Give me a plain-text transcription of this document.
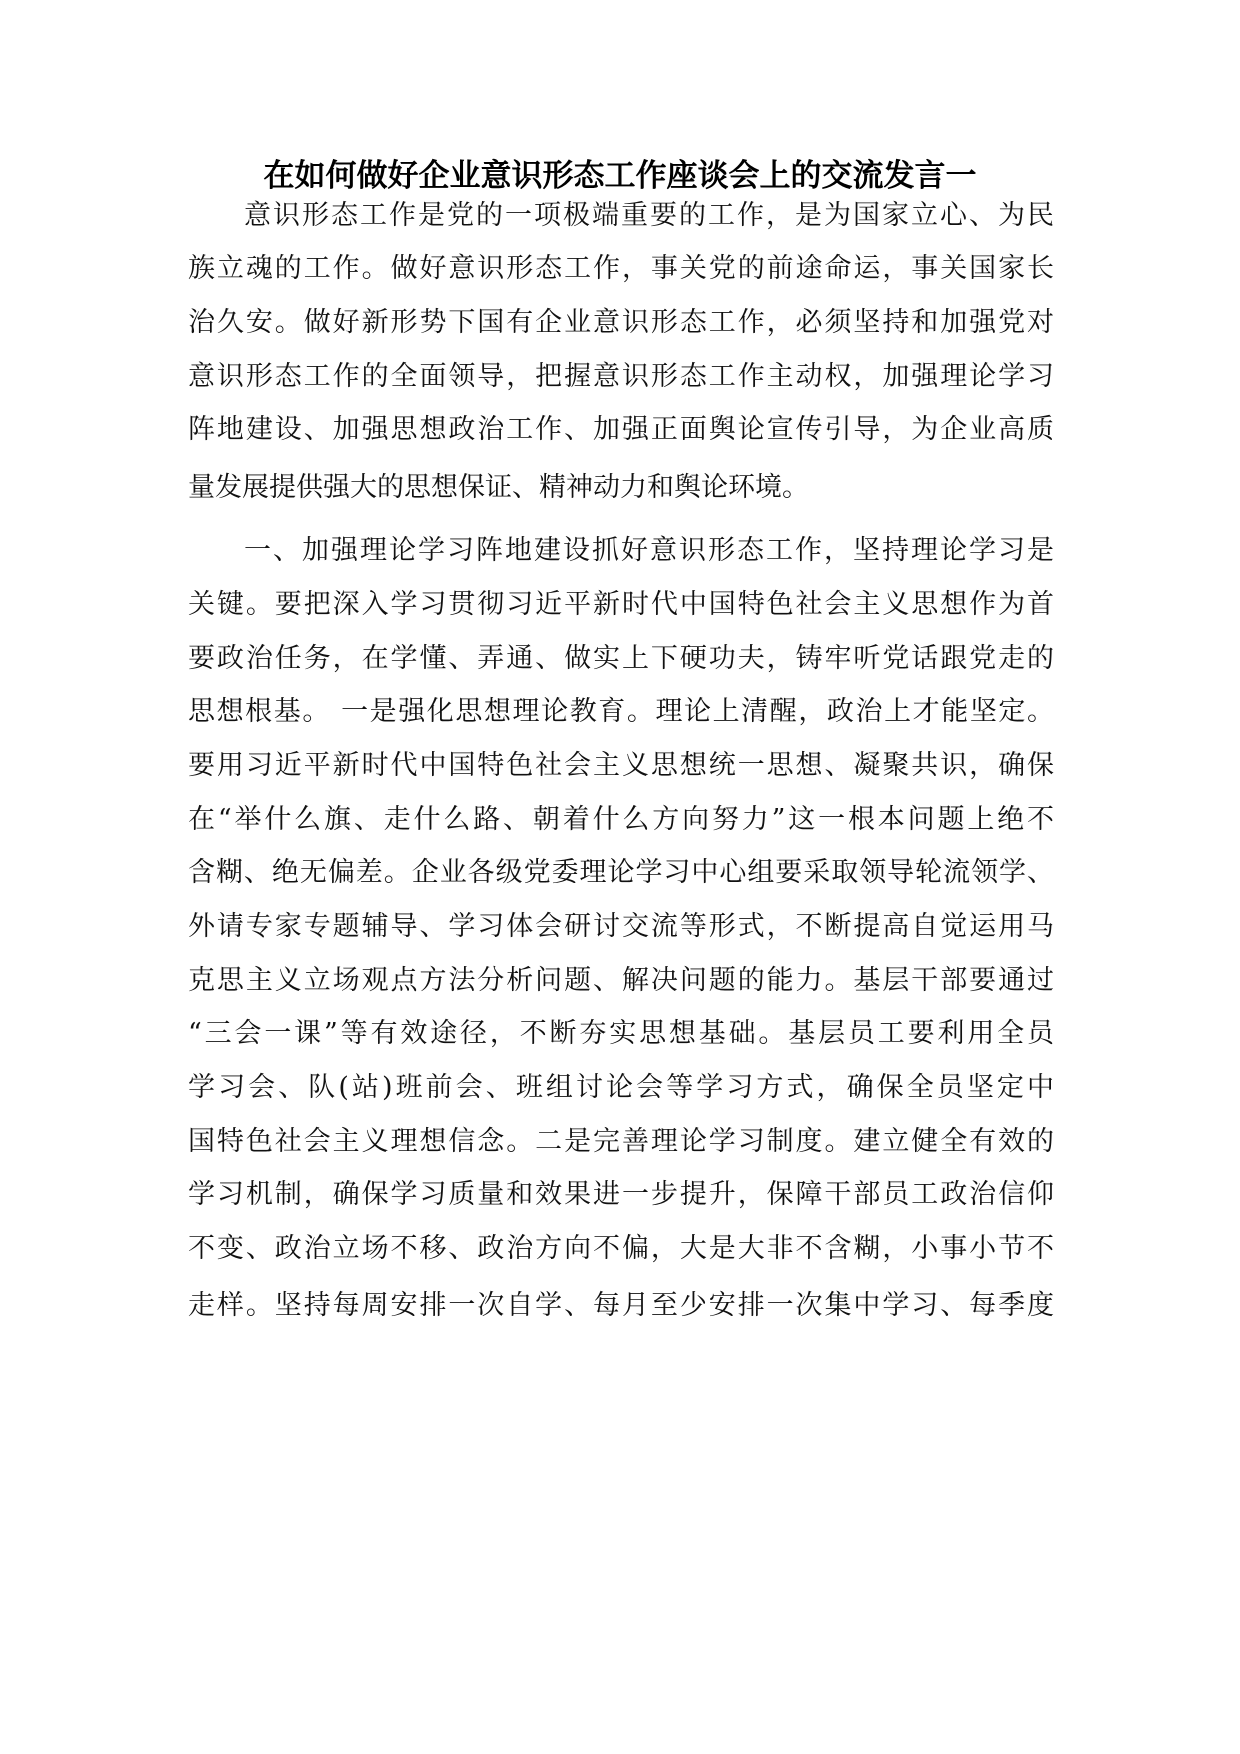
在如何做好企业意识形态工作座谈会上的交流发言一
意识形态工作是党的一项极端重要的工作，是为国家立心、为民
族立魂的工作。做好意识形态工作，事关党的前途命运，事关国家长
治久安。做好新形势下国有企业意识形态工作，必须坚持和加强党对
意识形态工作的全面领导，把握意识形态工作主动权，加强理论学习
阵地建设、加强思想政治工作、加强正面舆论宣传引导，为企业高质
量发展提供强大的思想保证、精神动力和舆论环境。
一、加强理论学习阵地建设抓好意识形态工作，坚持理论学习是
关键。要把深入学习贯彻习近平新时代中国特色社会主义思想作为首
要政治任务，在学懂、弄通、做实上下硬功夫，铸牢听党话跟党走的
思想根基。 一是强化思想理论教育。理论上清醒，政治上才能坚定。
要用习近平新时代中国特色社会主义思想统一思想、凝聚共识，确保
在“举什么旗、走什么路、朝着什么方向努力”这一根本问题上绝不
含糊、绝无偏差。企业各级党委理论学习中心组要采取领导轮流领学、
外请专家专题辅导、学习体会研讨交流等形式，不断提高自觉运用马
克思主义立场观点方法分析问题、解决问题的能力。基层干部要通过
“三会一课”等有效途径，不断夯实思想基础。基层员工要利用全员
学习会、队(站)班前会、班组讨论会等学习方式，确保全员坚定中
国特色社会主义理想信念。二是完善理论学习制度。建立健全有效的
学习机制，确保学习质量和效果进一步提升，保障干部员工政治信仰
不变、政治立场不移、政治方向不偏，大是大非不含糊，小事小节不
走样。坚持每周安排一次自学、每月至少安排一次集中学习、每季度
